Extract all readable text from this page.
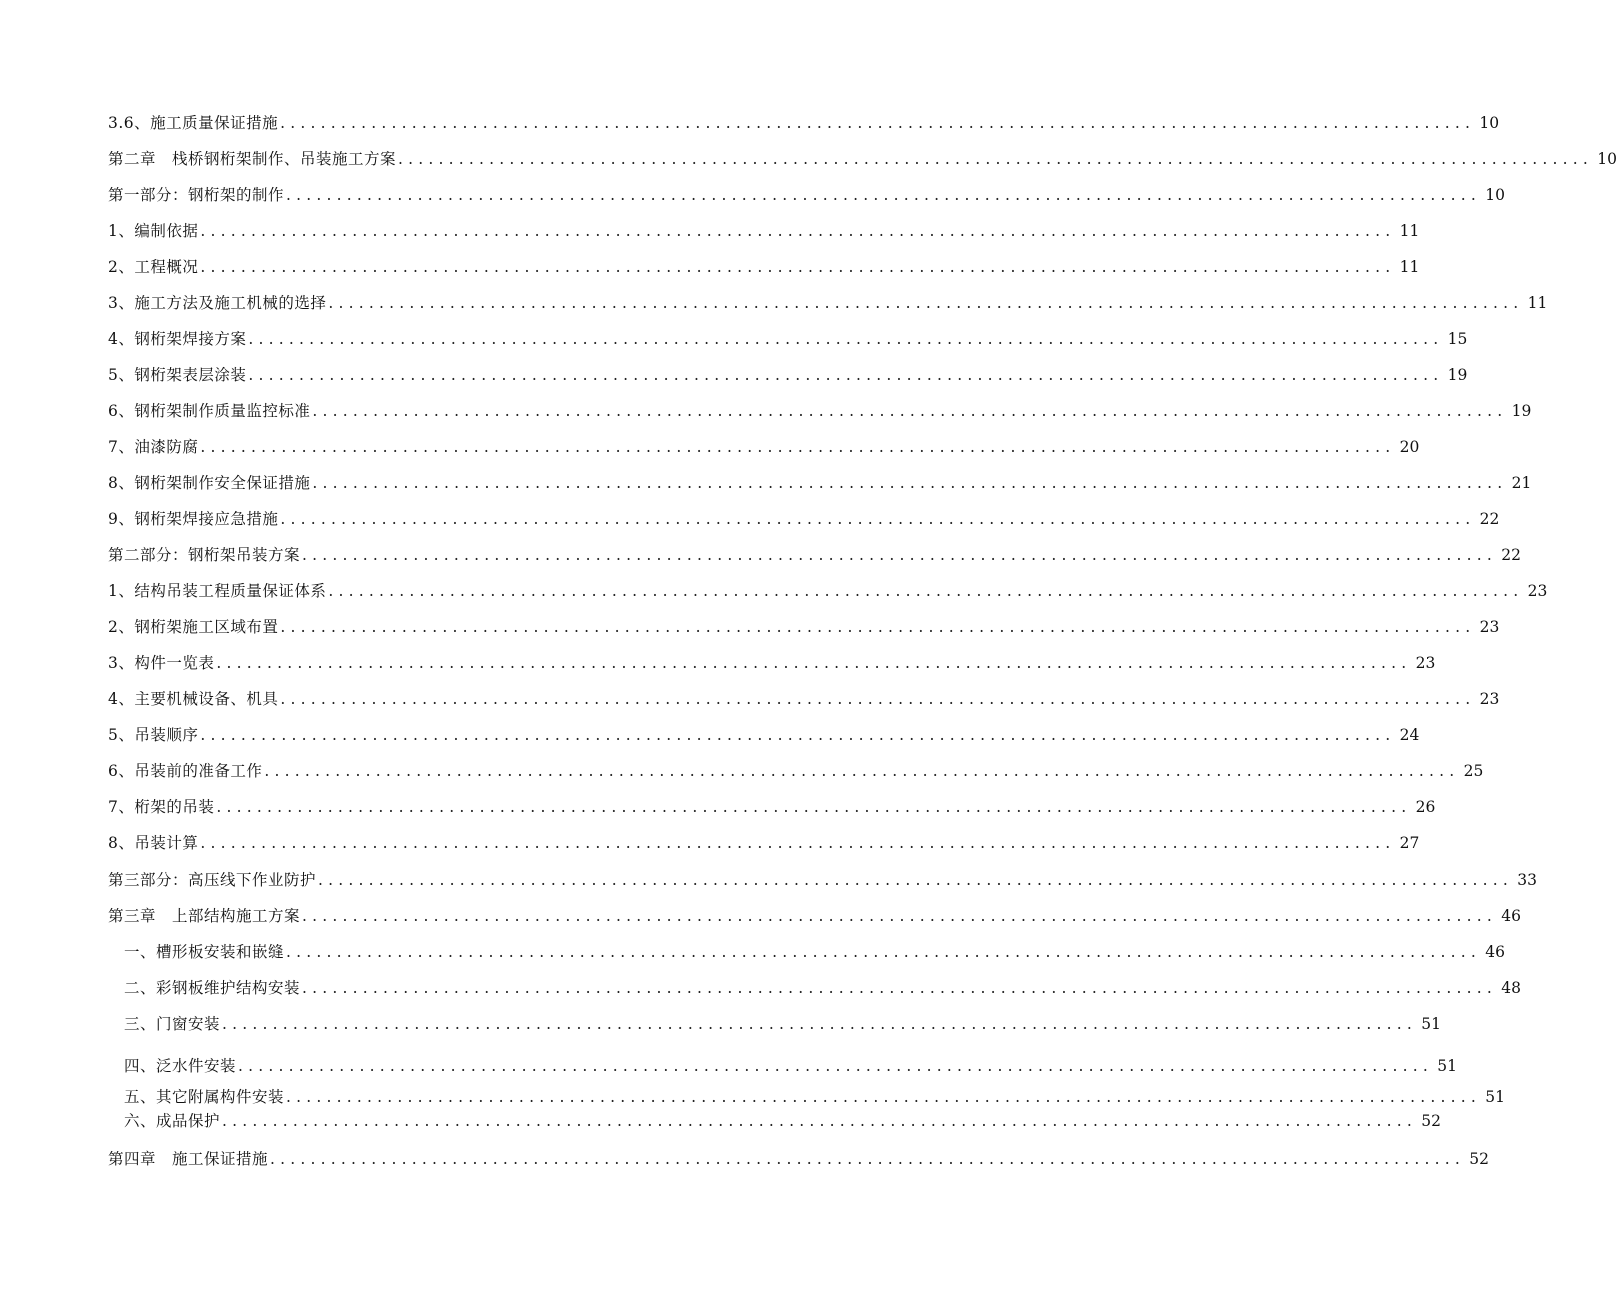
3.6、施工质量保证措施 ...................................................................................................................... 10
第二章　栈桥钢桁架制作、吊装施工方案 ...................................................................................................................... 10
第一部分：钢桁架的制作 ...................................................................................................................... 10
1、编制依据 ...................................................................................................................... 11
2、工程概况 ...................................................................................................................... 11
3、施工方法及施工机械的选择 ...................................................................................................................... 11
4、钢桁架焊接方案 ...................................................................................................................... 15
5、钢桁架表层涂装 ...................................................................................................................... 19
6、钢桁架制作质量监控标准 ...................................................................................................................... 19
7、油漆防腐 ...................................................................................................................... 20
8、钢桁架制作安全保证措施 ...................................................................................................................... 21
9、钢桁架焊接应急措施 ...................................................................................................................... 22
第二部分：钢桁架吊装方案 ...................................................................................................................... 22
1、结构吊装工程质量保证体系 ...................................................................................................................... 23
2、钢桁架施工区域布置 ...................................................................................................................... 23
3、构件一览表 ...................................................................................................................... 23
4、主要机械设备、机具 ...................................................................................................................... 23
5、吊装顺序 ...................................................................................................................... 24
6、吊装前的准备工作 ...................................................................................................................... 25
7、桁架的吊装 ...................................................................................................................... 26
8、吊装计算 ...................................................................................................................... 27
第三部分：高压线下作业防护 ...................................................................................................................... 33
第三章　上部结构施工方案 ...................................................................................................................... 46
一、槽形板安装和嵌缝 ...................................................................................................................... 46
二、彩钢板维护结构安装 ...................................................................................................................... 48
三、门窗安装 ...................................................................................................................... 51
四、泛水件安装 ...................................................................................................................... 51
五、其它附属构件安装 ...................................................................................................................... 51
六、成品保护 ...................................................................................................................... 52
第四章　施工保证措施 ...................................................................................................................... 52
